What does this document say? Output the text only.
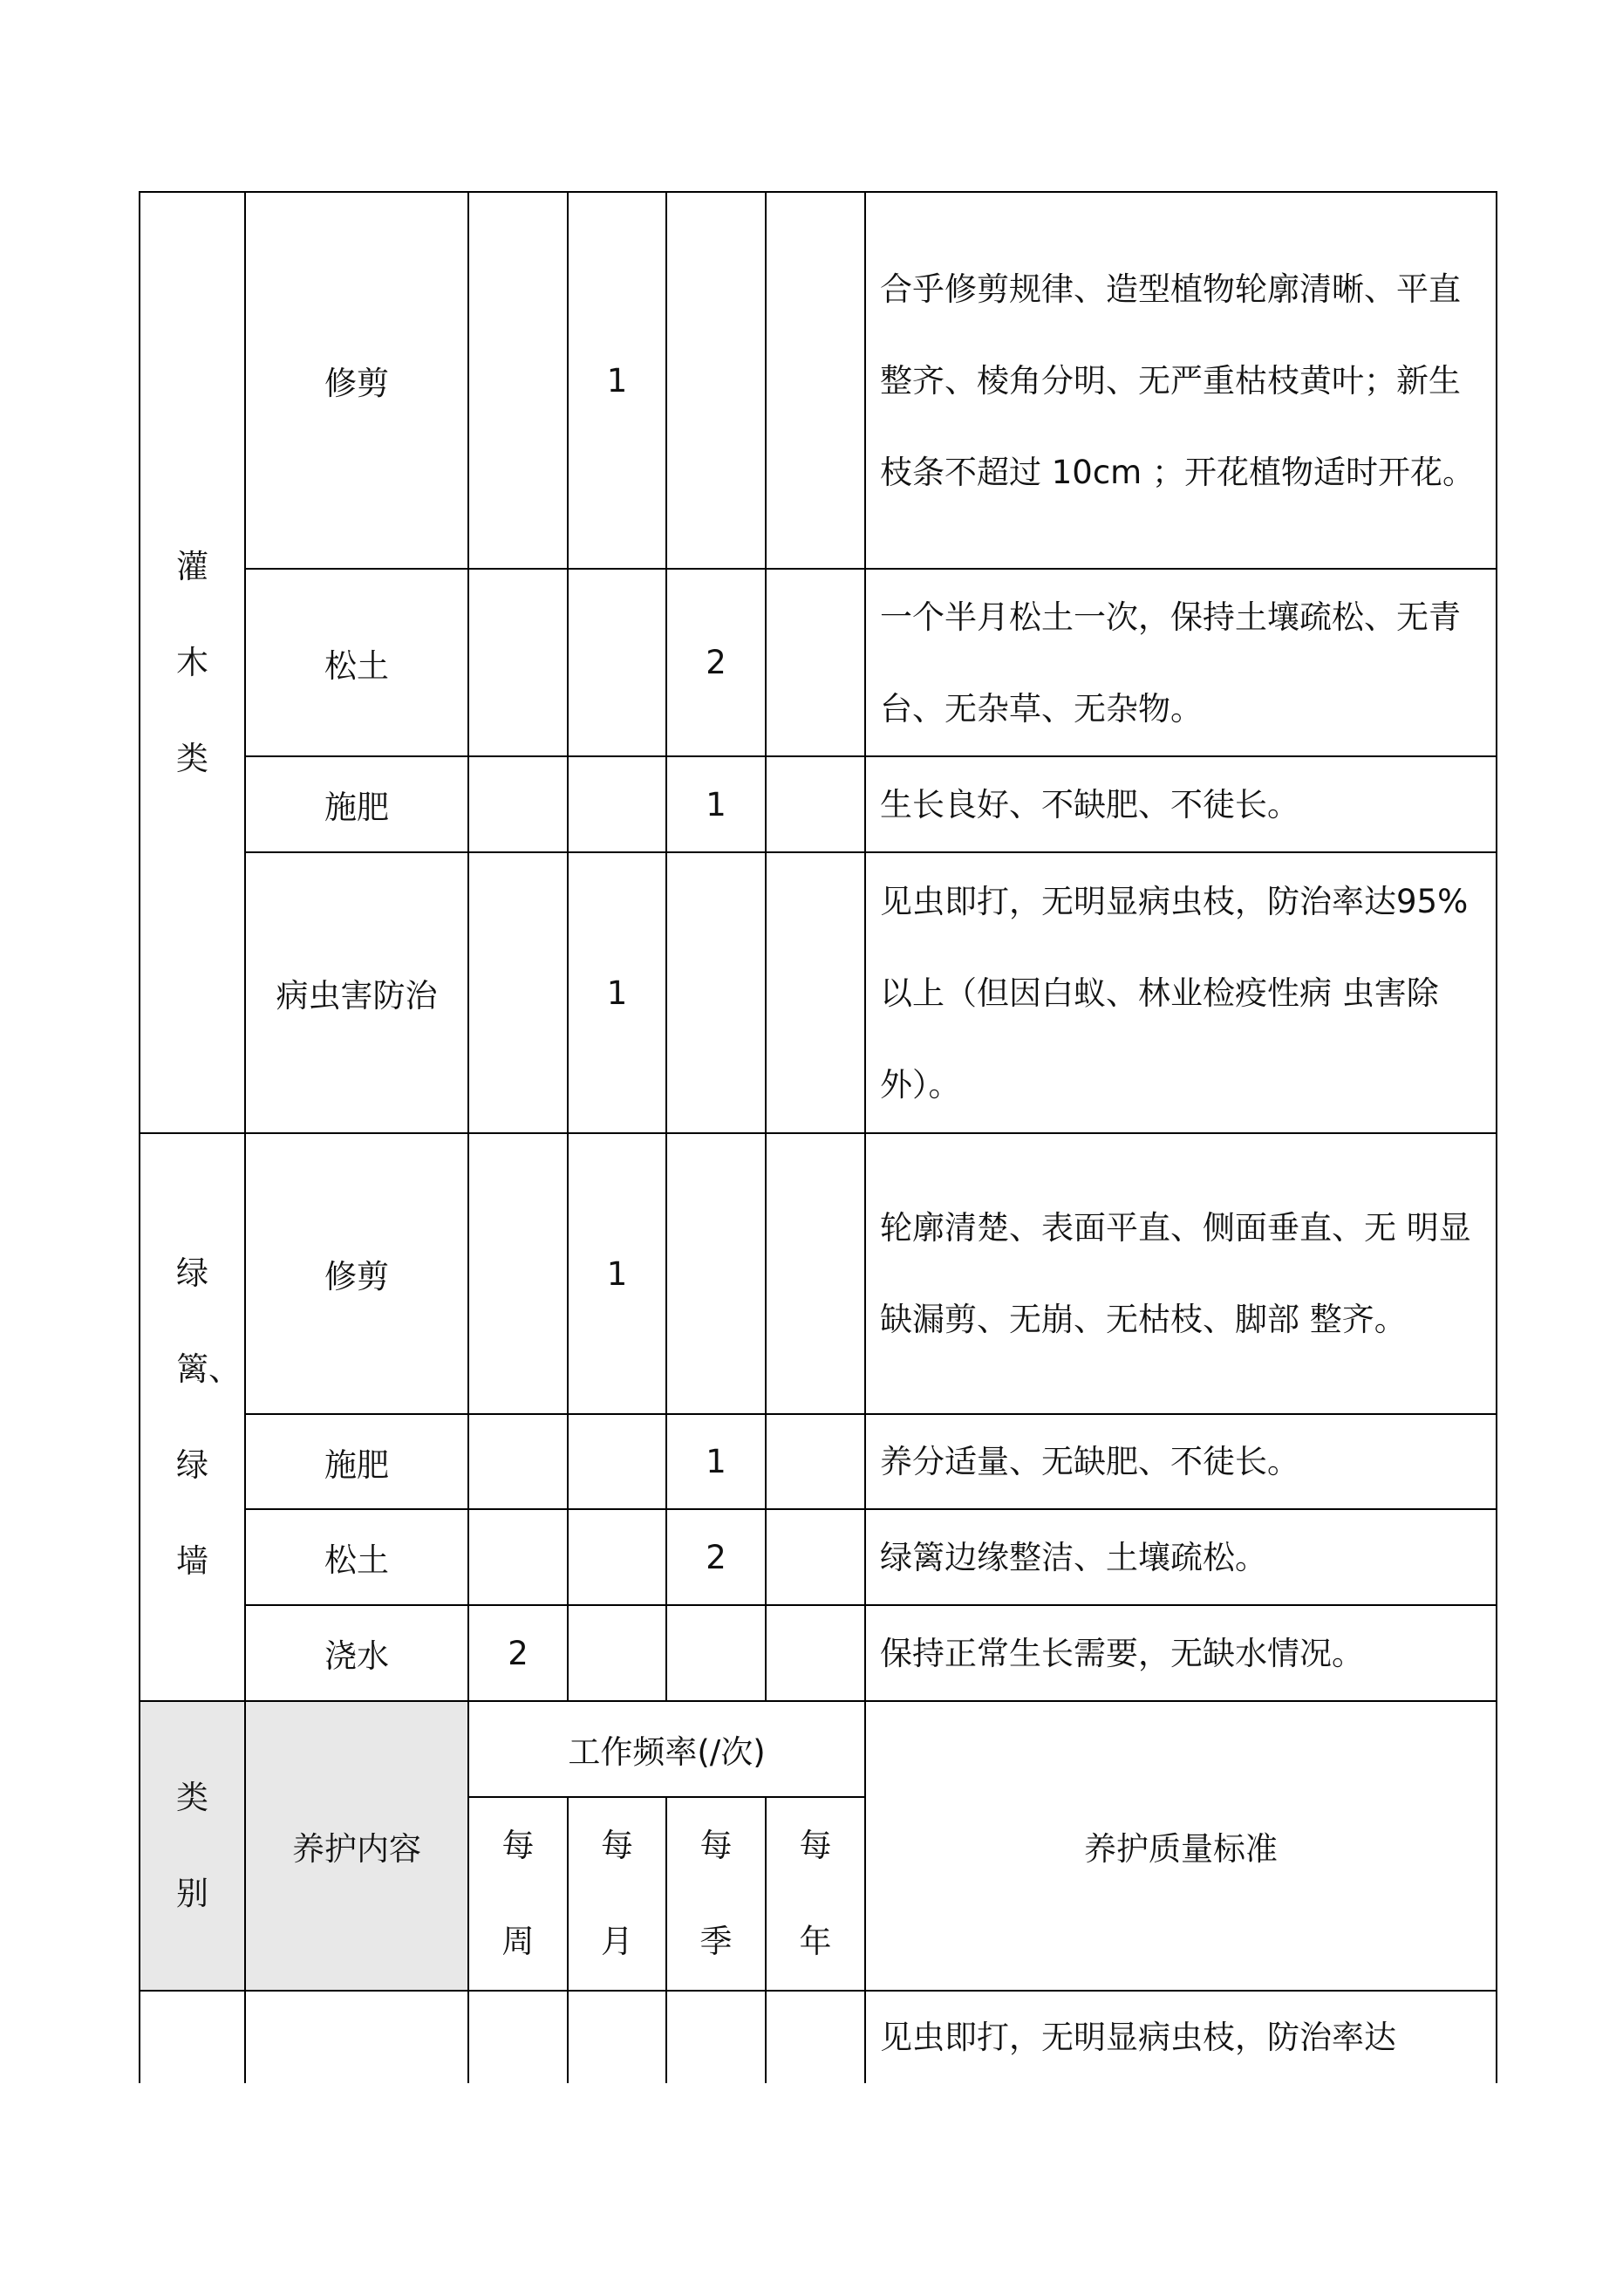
灌木类	修剪		1			合乎修剪规律、造型植物轮廓清晰、平直整齐、棱角分明、无严重枯枝黄叶；新生枝条不超过 10cm ；开花植物适时开花。
	松土			2		一个半月松土一次，保持土壤疏松、无青台、无杂草、无杂物。
	施肥			1		生长良好、不缺肥、不徒长。
	病虫害防治		1			见虫即打，无明显病虫枝，防治率达95%以上（但因白蚁、林业检疫性病 虫害除外）。
绿篱、绿墙	修剪		1			轮廓清楚、表面平直、侧面垂直、无 明显缺漏剪、无崩、无枯枝、脚部 整齐。
	施肥			1		养分适量、无缺肥、不徒长。
	松土			2		绿篱边缘整洁、土壤疏松。
	浇水	2				保持正常生长需要，无缺水情况。
类别	养护内容	工作频率(∕次)				养护质量标准
		每周	每月	每季	每年	
						见虫即打，无明显病虫枝，防治率达
